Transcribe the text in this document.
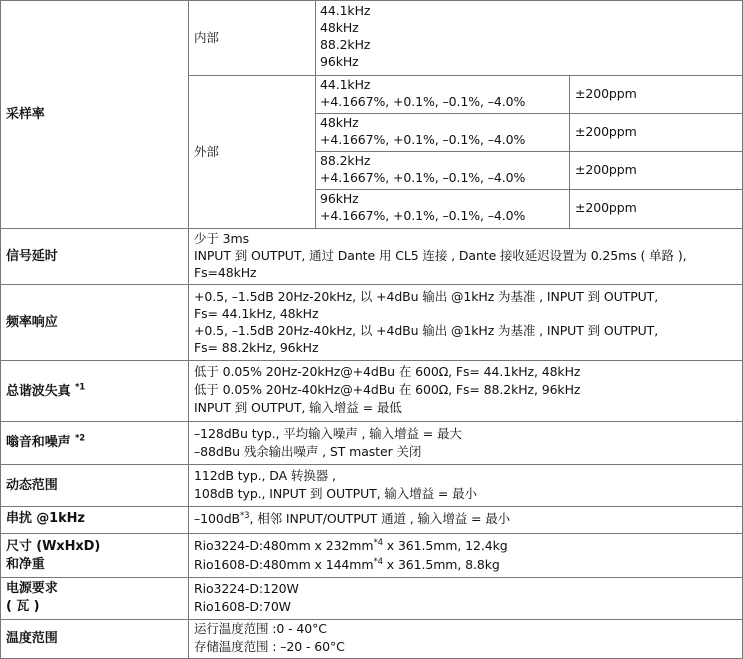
采样率
内部
44.1kHz
48kHz
88.2kHz
96kHz
外部
44.1kHz
+4.1667%, +0.1%, –0.1%, –4.0%
±200ppm
48kHz
+4.1667%, +0.1%, –0.1%, –4.0%
±200ppm
88.2kHz
+4.1667%, +0.1%, –0.1%, –4.0%
±200ppm
96kHz
+4.1667%, +0.1%, –0.1%, –4.0%
±200ppm
信号延时
少于 3ms
INPUT 到 OUTPUT, 通过 Dante 用 CL5 连接 , Dante 接收延迟设置为 0.25ms ( 单路 ),
Fs=48kHz
频率响应
+0.5, –1.5dB 20Hz-20kHz, 以 +4dBu 输出 @1kHz 为基准 , INPUT 到 OUTPUT,
Fs= 44.1kHz, 48kHz
+0.5, –1.5dB 20Hz-40kHz, 以 +4dBu 输出 @1kHz 为基准 , INPUT 到 OUTPUT,
Fs= 88.2kHz, 96kHz
总谐波失真 $^{*1}$
低于 0.05% 20Hz-20kHz@+4dBu 在 600Ω, Fs= 44.1kHz, 48kHz
低于 0.05% 20Hz-40kHz@+4dBu 在 600Ω, Fs= 88.2kHz, 96kHz
INPUT 到 OUTPUT, 输入增益 = 最低
嗡音和噪声 $^{*2}$	–128dBu typ., 平均输入噪声 , 输入增益 = 最大
–88dBu 残余输出噪声 , ST master 关闭
动态范围
112dB typ., DA 转换器 ,
108dB typ., INPUT 到 OUTPUT, 输入增益 = 最小
串扰 @1kHz	$-100dB^{*3}$, 相邻 INPUT/OUTPUT 通道 , 输入增益 = 最小
尺寸 (WxHxD)
和净重
Rio3224-D:480mm x $232mm^{*4}$ x 361.5mm, 12.4kg
Rio1608-D:480mm x $144mm^{*4}$ x 361.5mm, 8.8kg
电源要求
( 瓦 )
Rio3224-D:120W
Rio1608-D:70W
温度范围
运行温度范围 :0 - 40°C
存储温度范围 : –20 - 60°C
